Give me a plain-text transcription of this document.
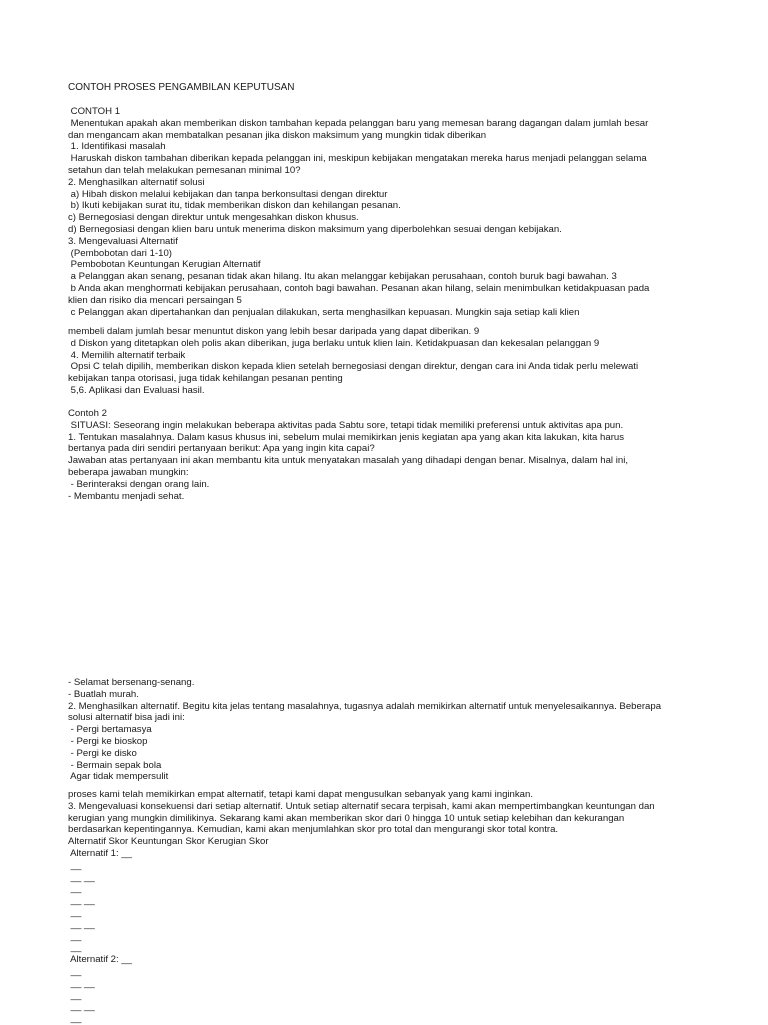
CONTOH PROSES PENGAMBILAN KEPUTUSAN

CONTOH 1

Menentukan apakah akan memberikan diskon tambahan kepada pelanggan baru yang memesan barang dagangan dalam jumlah besar

dan mengancam akan membatalkan pesanan jika diskon maksimum yang mungkin tidak diberikan

1. Identifikasi masalah

Haruskah diskon tambahan diberikan kepada pelanggan ini, meskipun kebijakan mengatakan mereka harus menjadi pelanggan selama

setahun dan telah melakukan pemesanan minimal 10?

2. Menghasilkan alternatif solusi

a) Hibah diskon melalui kebijakan dan tanpa berkonsultasi dengan direktur

b) Ikuti kebijakan surat itu, tidak memberikan diskon dan kehilangan pesanan.

c) Bernegosiasi dengan direktur untuk mengesahkan diskon khusus.

d) Bernegosiasi dengan klien baru untuk menerima diskon maksimum yang diperbolehkan sesuai dengan kebijakan.

3. Mengevaluasi Alternatif

(Pembobotan dari 1-10)

Pembobotan Keuntungan Kerugian Alternatif

a Pelanggan akan senang, pesanan tidak akan hilang. Itu akan melanggar kebijakan perusahaan, contoh buruk bagi bawahan. 3

b Anda akan menghormati kebijakan perusahaan, contoh bagi bawahan. Pesanan akan hilang, selain menimbulkan ketidakpuasan pada

klien dan risiko dia mencari persaingan 5

c Pelanggan akan dipertahankan dan penjualan dilakukan, serta menghasilkan kepuasan. Mungkin saja setiap kali klien

membeli dalam jumlah besar menuntut diskon yang lebih besar daripada yang dapat diberikan. 9

d Diskon yang ditetapkan oleh polis akan diberikan, juga berlaku untuk klien lain. Ketidakpuasan dan kekesalan pelanggan 9

4. Memilih alternatif terbaik

Opsi C telah dipilih, memberikan diskon kepada klien setelah bernegosiasi dengan direktur, dengan cara ini Anda tidak perlu melewati

kebijakan tanpa otorisasi, juga tidak kehilangan pesanan penting

5,6. Aplikasi dan Evaluasi hasil.

Contoh 2

SITUASI: Seseorang ingin melakukan beberapa aktivitas pada Sabtu sore, tetapi tidak memiliki preferensi untuk aktivitas apa pun.

1. Tentukan masalahnya. Dalam kasus khusus ini, sebelum mulai memikirkan jenis kegiatan apa yang akan kita lakukan, kita harus

bertanya pada diri sendiri pertanyaan berikut: Apa yang ingin kita capai?

Jawaban atas pertanyaan ini akan membantu kita untuk menyatakan masalah yang dihadapi dengan benar. Misalnya, dalam hal ini,

beberapa jawaban mungkin:

- Berinteraksi dengan orang lain.

- Membantu menjadi sehat.

- Selamat bersenang-senang.

- Buatlah murah.

2. Menghasilkan alternatif. Begitu kita jelas tentang masalahnya, tugasnya adalah memikirkan alternatif untuk menyelesaikannya. Beberapa

solusi alternatif bisa jadi ini:

- Pergi bertamasya

- Pergi ke bioskop

- Pergi ke disko

- Bermain sepak bola

Agar tidak mempersulit

proses kami telah memikirkan empat alternatif, tetapi kami dapat mengusulkan sebanyak yang kami inginkan.

3. Mengevaluasi konsekuensi dari setiap alternatif. Untuk setiap alternatif secara terpisah, kami akan mempertimbangkan keuntungan dan

kerugian yang mungkin dimilikinya. Sekarang kami akan memberikan skor dari 0 hingga 10 untuk setiap kelebihan dan kekurangan

berdasarkan kepentingannya. Kemudian, kami akan menjumlahkan skor pro total dan mengurangi skor total kontra.

Alternatif Skor Keuntungan Skor Kerugian Skor

Alternatif 1: __

__

__ __

__

__ __

__

__ __

__

__

Alternatif 2: __

__

__ __

__

__ __

__
